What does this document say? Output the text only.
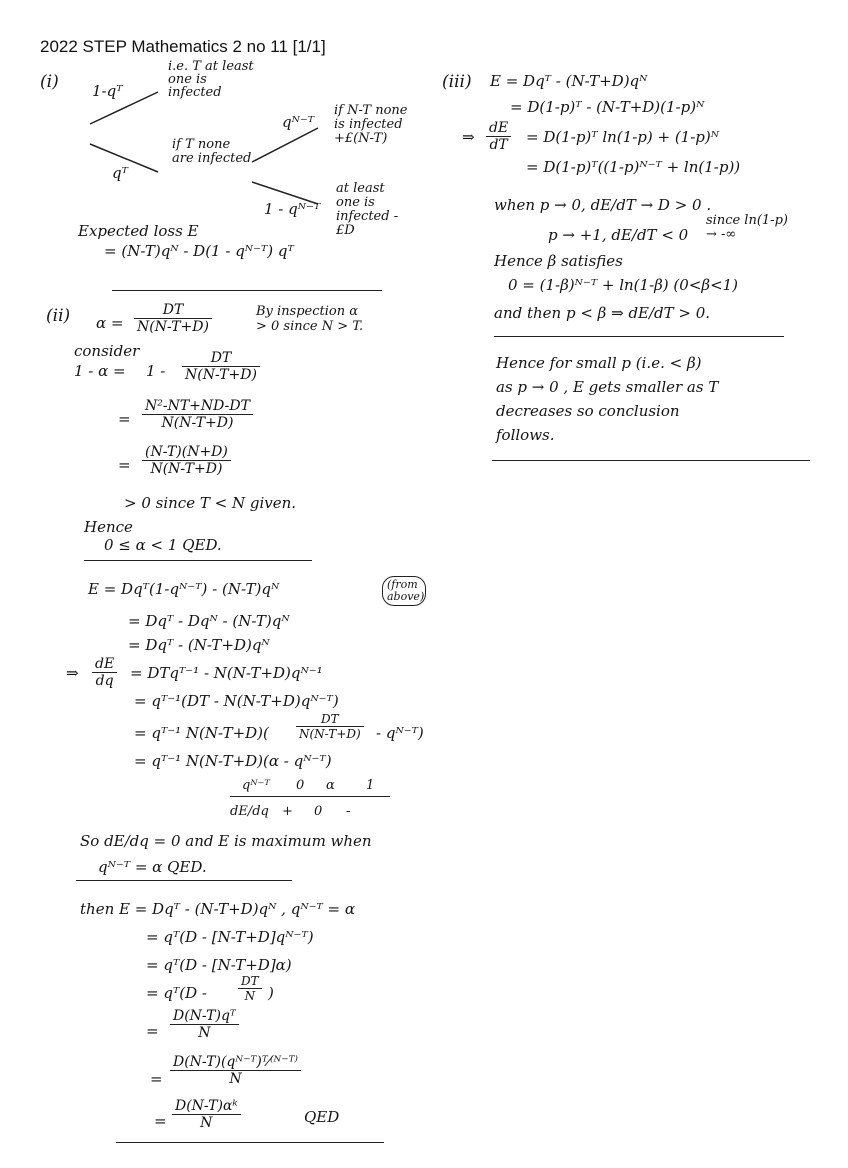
2022 STEP Mathematics 2 no 11 [1/1]
(i) 1-qᵀ
i.e. T at least one is infected
qᵀ
if T none are infected
qᴺ⁻ᵀ
if N-T none is infected +£(N-T)
1 - qᴺ⁻ᵀ
at least one is infected -£D
Expected loss E
= (N-T)qᴺ - D(1 - qᴺ⁻ᵀ) qᵀ
(ii) $\alpha = \frac{DT}{N(N-T+D)}$	By inspection α > 0 since N > T.
consider
$1 - \alpha = 1 - \frac{DT}{N(N-T+D)}$
= $\frac{\text{N²-NT+ND-DT}}{N(N-T+D)}$
= $\frac{(N-T)(N+D)}{N(N-T+D)}$
> 0 since T < N given.
Hence
0 ≤ α < 1 QED.
E = Dqᵀ(1-qᴺ⁻ᵀ) - (N-T)qᴺ	(from above)
= Dqᵀ - Dqᴺ - (N-T)qᴺ
= Dqᵀ - (N-T+D)qᴺ
⇒ $\frac{dE}{dq}$ = DTqᵀ⁻¹ - N(N-T+D)qᴺ⁻¹
= qᵀ⁻¹(DT - N(N-T+D)qᴺ⁻ᵀ)
= qᵀ⁻¹ $N(N-T+D)( \frac{DT}{N(N-T+D)}$ - qᴺ⁻ᵀ)
= qᵀ⁻¹ N(N-T+D)(α - qᴺ⁻ᵀ)
qᴺ⁻ᵀ 0 α 1
dE/dq + 0 -
So dE/dq = 0 and E is maximum when
qᴺ⁻ᵀ = α QED.
then E = Dqᵀ - (N-T+D)qᴺ , qᴺ⁻ᵀ = α
= qᵀ(D - [N-T+D]qᴺ⁻ᵀ)
= qᵀ(D - [N-T+D]α)
= qᵀ(D -	$\frac{DT}{N}$ )
= $\frac{\text{D(N-T)qᵀ}}{N}$
= $\frac{\text{D(N-T)(qᴺ⁻ᵀ)ᵀ⁄⁽ᴺ⁻ᵀ⁾}}{N}$
= $\frac{\text{D(N-T)αᵏ}}{N}$	QED
(iii) E = Dqᵀ - (N-T+D)qᴺ
= D(1-p)ᵀ - (N-T+D)(1-p)ᴺ
⇒ $\frac{dE}{dT}$ = D(1-p)ᵀ ln(1-p) + (1-p)ᴺ
= D(1-p)ᵀ((1-p)ᴺ⁻ᵀ + ln(1-p))
when p → 0, dE/dT → D > 0 .
p → +1, dE/dT < 0
since ln(1-p) → -∞
Hence β satisfies
0 = (1-β)ᴺ⁻ᵀ + ln(1-β) (0<β<1)
and then p < β ⇒ dE/dT > 0.
Hence for small p (i.e. < β)
as p → 0 , E gets smaller as T
decreases so conclusion
follows.
